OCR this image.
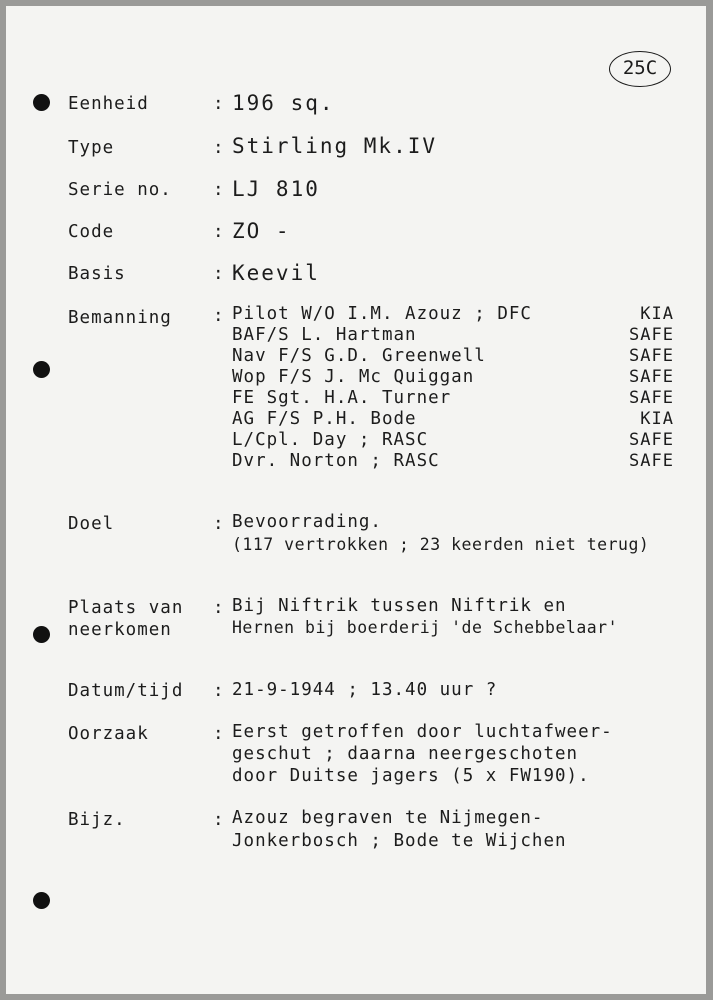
25C

Eenheid	: 196 sq.

Type	: Stirling Mk.IV

Serie no. : LJ 810

Code	: ZO -

Basis	: Keevil

Bemanning : Pilot W/O I.M. Azouz ; DFC	KIA

BAF/S L. Hartman	SAFE

Nav F/S G.D. Greenwell	SAFE

Wop F/S J. Mc Quiggan	SAFE

FE Sgt. H.A. Turner	SAFE

AG F/S P.H. Bode	KIA

L/Cpl. Day ; RASC	SAFE

Dvr. Norton ; RASC	SAFE

Doel	: Bevoorrading.

(117 vertrokken ; 23 keerden niet terug)

Plaats van

neerkomen

: Bij Niftrik tussen Niftrik en

Hernen bij boerderij 'de Schebbelaar'

Datum/tijd : 21-9-1944 ; 13.40 uur ?

Oorzaak	: Eerst getroffen door luchtafweer-

geschut ; daarna neergeschoten

door Duitse jagers (5 x FW190).

Bijz.	: Azouz begraven te Nijmegen-

Jonkerbosch ; Bode te Wijchen
